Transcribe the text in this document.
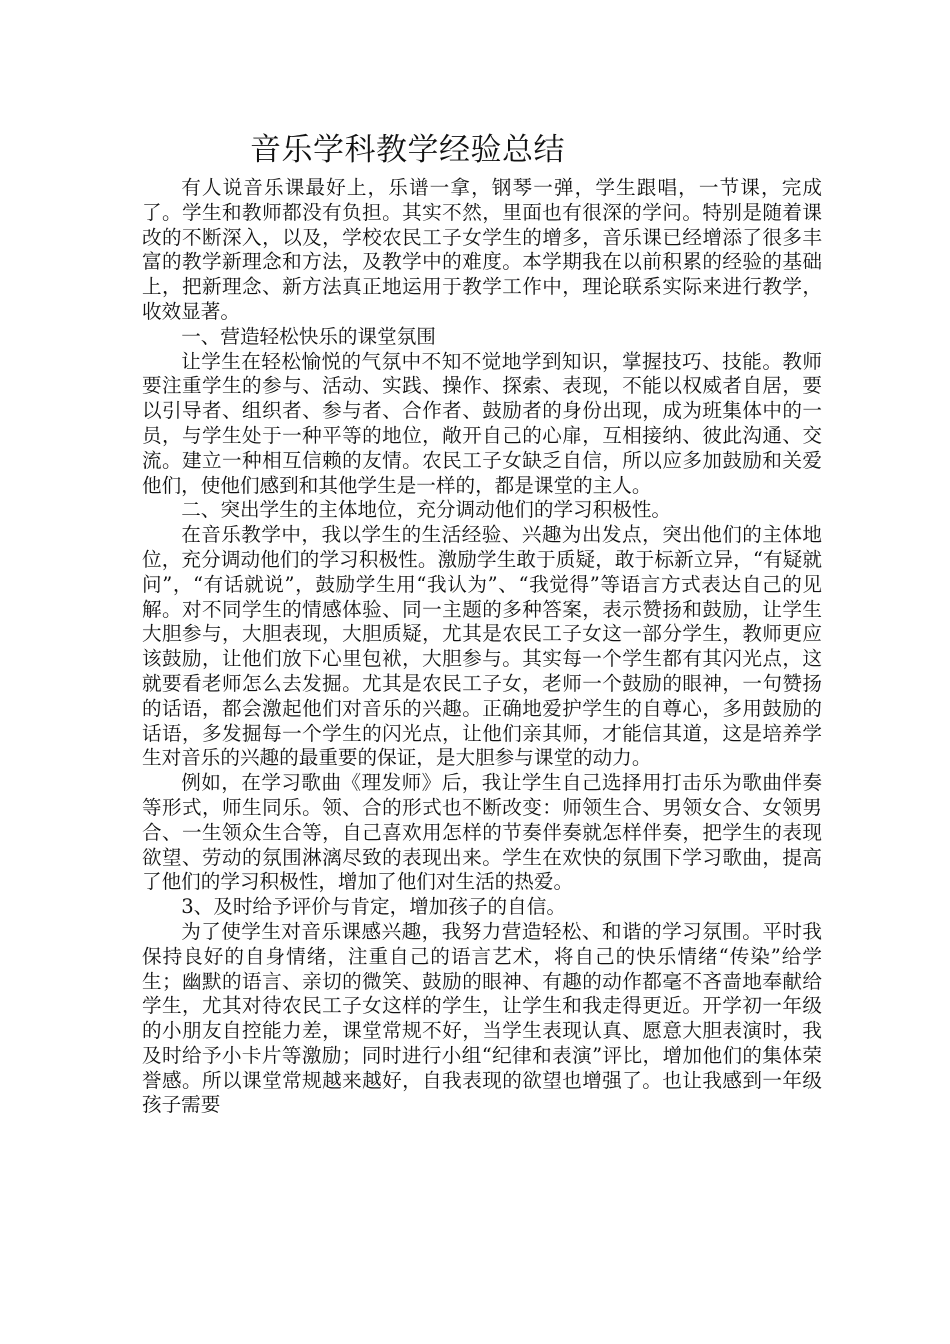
音乐学科教学经验总结

有人说音乐课最好上，乐谱一拿，钢琴一弹，学生跟唱，一节课，完成了。学生和教师都没有负担。其实不然，里面也有很深的学问。特别是随着课改的不断深入，以及，学校农民工子女学生的增多，音乐课已经增添了很多丰富的教学新理念和方法，及教学中的难度。本学期我在以前积累的经验的基础上，把新理念、新方法真正地运用于教学工作中，理论联系实际来进行教学，收效显著。

一、营造轻松快乐的课堂氛围

让学生在轻松愉悦的气氛中不知不觉地学到知识，掌握技巧、技能。教师要注重学生的参与、活动、实践、操作、探索、表现，不能以权威者自居，要以引导者、组织者、参与者、合作者、鼓励者的身份出现，成为班集体中的一员，与学生处于一种平等的地位，敞开自己的心扉，互相接纳、彼此沟通、交流。建立一种相互信赖的友情。农民工子女缺乏自信，所以应多加鼓励和关爱他们，使他们感到和其他学生是一样的，都是课堂的主人。

二、突出学生的主体地位，充分调动他们的学习积极性。

在音乐教学中，我以学生的生活经验、兴趣为出发点，突出他们的主体地位，充分调动他们的学习积极性。激励学生敢于质疑，敢于标新立异，“有疑就问”，“有话就说”，鼓励学生用“我认为”、“我觉得”等语言方式表达自己的见解。对不同学生的情感体验、同一主题的多种答案，表示赞扬和鼓励，让学生大胆参与，大胆表现，大胆质疑，尤其是农民工子女这一部分学生，教师更应该鼓励，让他们放下心里包袱，大胆参与。其实每一个学生都有其闪光点，这就要看老师怎么去发掘。尤其是农民工子女，老师一个鼓励的眼神，一句赞扬的话语，都会激起他们对音乐的兴趣。正确地爱护学生的自尊心，多用鼓励的话语，多发掘每一个学生的闪光点，让他们亲其师，才能信其道，这是培养学生对音乐的兴趣的最重要的保证，是大胆参与课堂的动力。

例如，在学习歌曲《理发师》后，我让学生自己选择用打击乐为歌曲伴奏等形式，师生同乐。领、合的形式也不断改变：师领生合、男领女合、女领男合、一生领众生合等，自己喜欢用怎样的节奏伴奏就怎样伴奏，把学生的表现欲望、劳动的氛围淋漓尽致的表现出来。学生在欢快的氛围下学习歌曲，提高了他们的学习积极性，增加了他们对生活的热爱。

3、及时给予评价与肯定，增加孩子的自信。

为了使学生对音乐课感兴趣，我努力营造轻松、和谐的学习氛围。平时我保持良好的自身情绪，注重自己的语言艺术，将自己的快乐情绪“传染”给学生；幽默的语言、亲切的微笑、鼓励的眼神、有趣的动作都毫不吝啬地奉献给学生，尤其对待农民工子女这样的学生，让学生和我走得更近。开学初一年级的小朋友自控能力差，课堂常规不好，当学生表现认真、愿意大胆表演时，我及时给予小卡片等激励；同时进行小组“纪律和表演”评比，增加他们的集体荣誉感。所以课堂常规越来越好，自我表现的欲望也增强了。也让我感到一年级孩子需要
